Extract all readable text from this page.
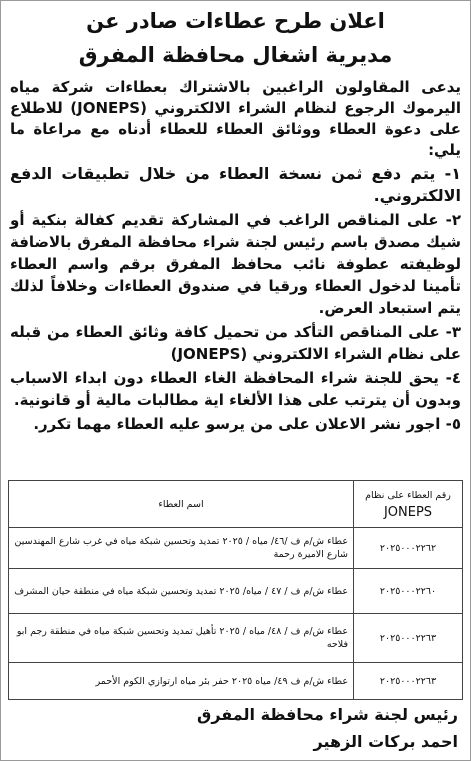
اعلان طرح عطاءات صادر عن
مديرية اشغال محافظة المفرق
يدعى المقاولون الراغبين بالاشتراك بعطاءات شركة مياه اليرموك الرجوع لنظام الشراء الالكتروني (JONEPS) للاطلاع على دعوة العطاء ووثائق العطاء للعطاء أدناه مع مراعاة ما يلي:
١- يتم دفع ثمن نسخة العطاء من خلال تطبيقات الدفع الالكتروني.
٢- على المناقص الراغب في المشاركة تقديم كفالة بنكية أو شيك مصدق باسم رئيس لجنة شراء محافظة المفرق بالاضافة لوظيفته عطوفة نائب محافظ المفرق برقم واسم العطاء تأمينا لدخول العطاء ورقيا في صندوق العطاءات وخلافاً لذلك يتم استبعاد العرض.
٣- على المناقص التأكد من تحميل كافة وثائق العطاء من قبله على نظام الشراء الالكتروني (JONEPS)
٤- يحق للجنة شراء المحافظة الغاء العطاء دون ابداء الاسباب وبدون أن يترتب على هذا الألغاء اية مطالبات مالية أو قانونية.
٥- اجور نشر الاعلان على من يرسو عليه العطاء مهما تكرر.
رقم العطاء على نظام
JONEPS	اسم العطاء
٢٠٢٥٠٠٠٢٢٦٢	عطاء ش/م ف /٤٦/ مياه / ٢٠٢٥ تمديد وتحسين شبكة مياه في غرب شارع المهندسين شارع الاميرة رحمة
٢٠٢٥٠٠٠٢٢٦٠	عطاء ش/م ف / ٤٧ / مياه/ ٢٠٢٥ تمديد وتحسين شبكة مياه في منطقة حيان المشرف
٢٠٢٥٠٠٠٢٢٦٣	عطاء ش/م ف / ٤٨/ مياه / ٢٠٢٥ تأهيل تمديد وتحسين شبكة مياه في منطقة رجم ابو فلاحه
٢٠٢٥٠٠٠٢٢٦٣	عطاء ش/م ف ٤٩/ مياه ٢٠٢٥ حفر بئر مياه ارتوازي الكوم الأحمر
رئيس لجنة شراء محافظة المفرق
احمد بركات الزهير
